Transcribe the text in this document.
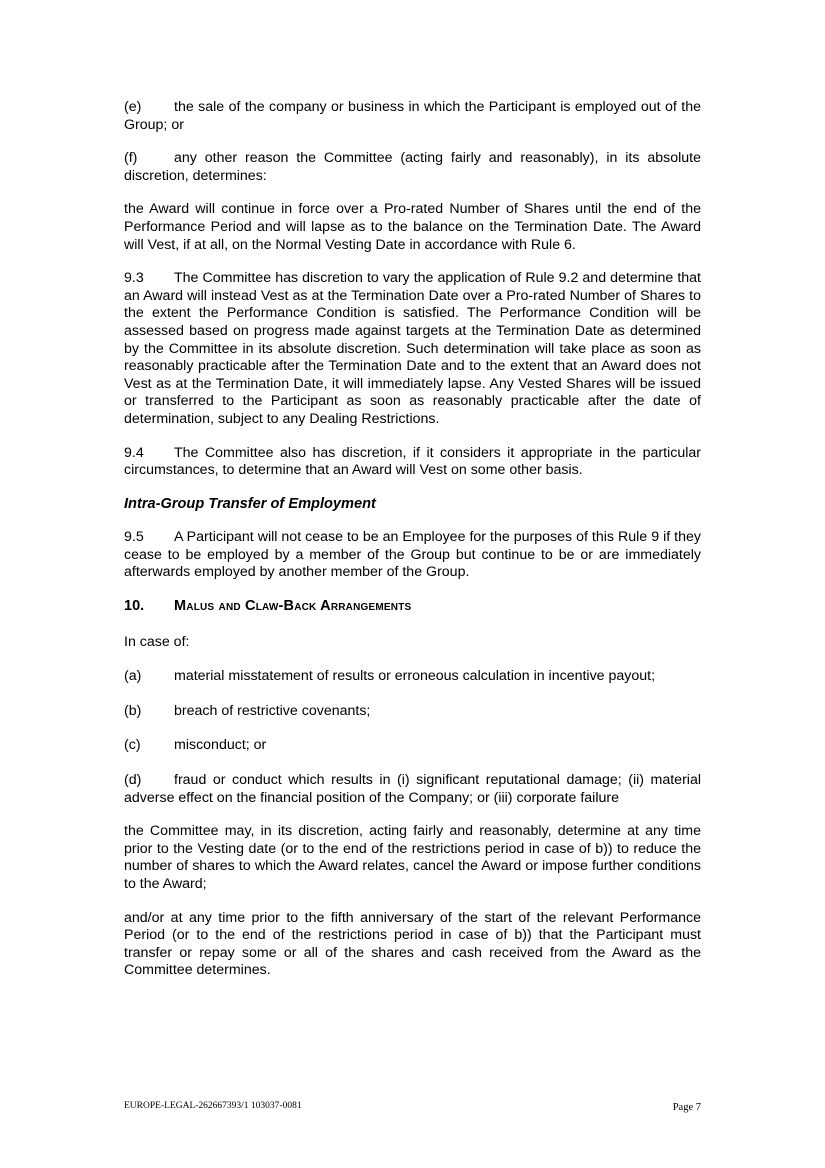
(e) the sale of the company or business in which the Participant is employed out of the Group; or

(f)	any other reason the Committee (acting fairly and reasonably), in its absolute discretion, determines:

the Award will continue in force over a Pro-rated Number of Shares until the end of the Performance Period and will lapse as to the balance on the Termination Date. The Award will Vest, if at all, on the Normal Vesting Date in accordance with Rule 6.

9.3 The Committee has discretion to vary the application of Rule 9.2 and determine that an Award will instead Vest as at the Termination Date over a Pro-rated Number of Shares to the extent the Performance Condition is satisfied. The Performance Condition will be assessed based on progress made against targets at the Termination Date as determined by the Committee in its absolute discretion. Such determination will take place as soon as reasonably practicable after the Termination Date and to the extent that an Award does not Vest as at the Termination Date, it will immediately lapse. Any Vested Shares will be issued or transferred to the Participant as soon as reasonably practicable after the date of determination, subject to any Dealing Restrictions.

9.4 The Committee also has discretion, if it considers it appropriate in the particular circumstances, to determine that an Award will Vest on some other basis.

Intra-Group Transfer of Employment

9.5 A Participant will not cease to be an Employee for the purposes of this Rule 9 if they cease to be employed by a member of the Group but continue to be or are immediately afterwards employed by another member of the Group.

10. Malus and Claw-Back Arrangements

In case of:

(a) material misstatement of results or erroneous calculation in incentive payout;

(b) breach of restrictive covenants;

(c) misconduct; or

(d) fraud or conduct which results in (i) significant reputational damage; (ii) material adverse effect on the financial position of the Company; or (iii) corporate failure

the Committee may, in its discretion, acting fairly and reasonably, determine at any time prior to the Vesting date (or to the end of the restrictions period in case of b)) to reduce the number of shares to which the Award relates, cancel the Award or impose further conditions to the Award;

and/or at any time prior to the fifth anniversary of the start of the relevant Performance Period (or to the end of the restrictions period in case of b)) that the Participant must transfer or repay some or all of the shares and cash received from the Award as the Committee determines.

EUROPE-LEGAL-262667393/1 103037-0081	Page 7
